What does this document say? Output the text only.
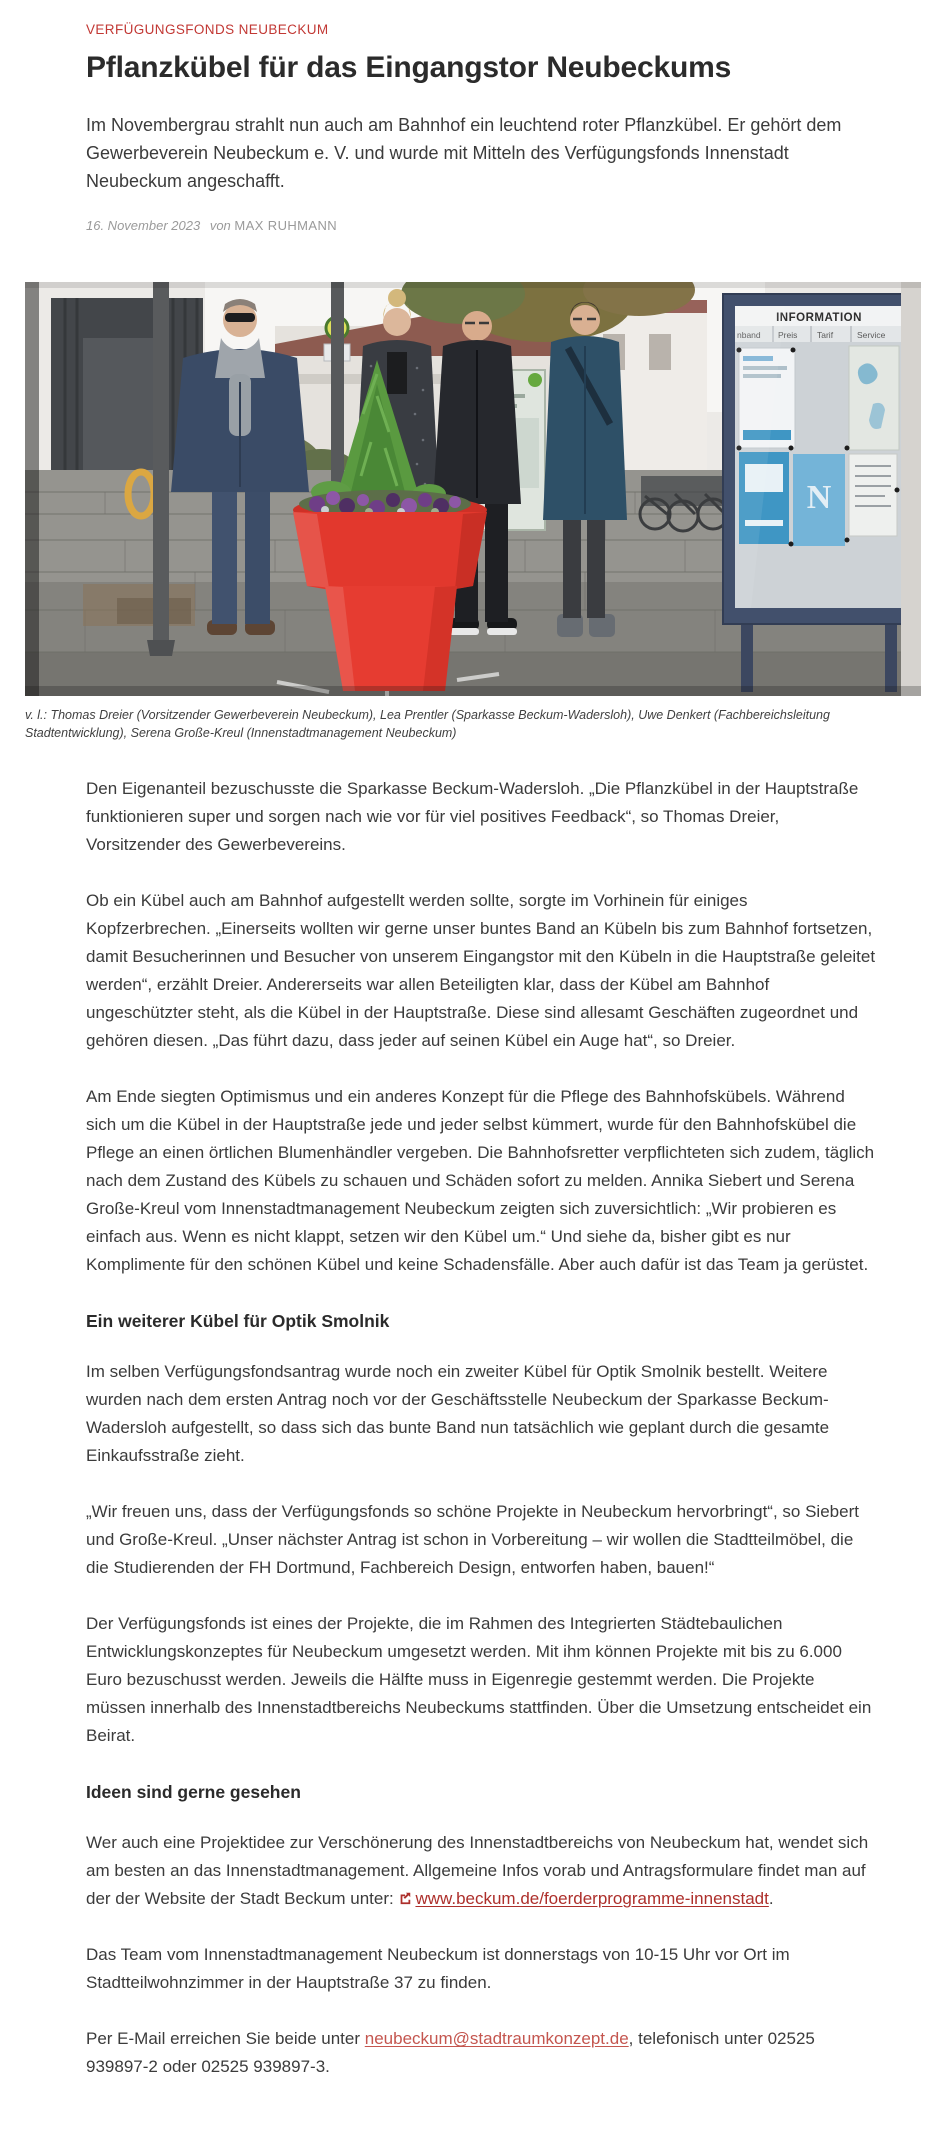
VERFÜGUNGSFONDS NEUBECKUM
Pflanzkübel für das Eingangstor Neubeckums

Im Novembergrau strahlt nun auch am Bahnhof ein leuchtend roter Pflanzkübel. Er gehört dem Gewerbeverein Neubeckum e. V. und wurde mit Mitteln des Verfügungsfonds Innenstadt Neubeckum angeschafft.

16. November 2023 von MAX RUHMANN
INFORMATION
nband Preis Tarif	Service
N
v. l.: Thomas Dreier (Vorsitzender Gewerbeverein Neubeckum), Lea Prentler (Sparkasse Beckum-Wadersloh), Uwe Denkert (Fachbereichsleitung Stadtentwicklung), Serena Große-Kreul (Innenstadtmanagement Neubeckum)

Den Eigenanteil bezuschusste die Sparkasse Beckum-Wadersloh. „Die Pflanzkübel in der Hauptstraße funktionieren super und sorgen nach wie vor für viel positives Feedback“, so Thomas Dreier, Vorsitzender des Gewerbevereins.

Ob ein Kübel auch am Bahnhof aufgestellt werden sollte, sorgte im Vorhinein für einiges Kopfzerbrechen. „Einerseits wollten wir gerne unser buntes Band an Kübeln bis zum Bahnhof fortsetzen, damit Besucherinnen und Besucher von unserem Eingangstor mit den Kübeln in die Hauptstraße geleitet werden“, erzählt Dreier. Andererseits war allen Beteiligten klar, dass der Kübel am Bahnhof ungeschützter steht, als die Kübel in der Hauptstraße. Diese sind allesamt Geschäften zugeordnet und gehören diesen. „Das führt dazu, dass jeder auf seinen Kübel ein Auge hat“, so Dreier.

Am Ende siegten Optimismus und ein anderes Konzept für die Pflege des Bahnhofskübels. Während sich um die Kübel in der Hauptstraße jede und jeder selbst kümmert, wurde für den Bahnhofskübel die Pflege an einen örtlichen Blumenhändler vergeben. Die Bahnhofsretter verpflichteten sich zudem, täglich nach dem Zustand des Kübels zu schauen und Schäden sofort zu melden. Annika Siebert und Serena Große-Kreul vom Innenstadtmanagement Neubeckum zeigten sich zuversichtlich: „Wir probieren es einfach aus. Wenn es nicht klappt, setzen wir den Kübel um.“ Und siehe da, bisher gibt es nur Komplimente für den schönen Kübel und keine Schadensfälle. Aber auch dafür ist das Team ja gerüstet.

Ein weiterer Kübel für Optik Smolnik

Im selben Verfügungsfondsantrag wurde noch ein zweiter Kübel für Optik Smolnik bestellt. Weitere wurden nach dem ersten Antrag noch vor der Geschäftsstelle Neubeckum der Sparkasse Beckum-Wadersloh aufgestellt, so dass sich das bunte Band nun tatsächlich wie geplant durch die gesamte Einkaufsstraße zieht.

„Wir freuen uns, dass der Verfügungsfonds so schöne Projekte in Neubeckum hervorbringt“, so Siebert und Große-Kreul. „Unser nächster Antrag ist schon in Vorbereitung – wir wollen die Stadtteilmöbel, die die Studierenden der FH Dortmund, Fachbereich Design, entworfen haben, bauen!“

Der Verfügungsfonds ist eines der Projekte, die im Rahmen des Integrierten Städtebaulichen Entwicklungskonzeptes für Neubeckum umgesetzt werden. Mit ihm können Projekte mit bis zu 6.000 Euro bezuschusst werden. Jeweils die Hälfte muss in Eigenregie gestemmt werden. Die Projekte müssen innerhalb des Innenstadtbereichs Neubeckums stattfinden. Über die Umsetzung entscheidet ein Beirat.

Ideen sind gerne gesehen

Wer auch eine Projektidee zur Verschönerung des Innenstadtbereichs von Neubeckum hat, wendet sich am besten an das Innenstadtmanagement. Allgemeine Infos vorab und Antragsformulare findet man auf der der Website der Stadt Beckum unter: www.beckum.de/foerderprogramme-innenstadt.

Das Team vom Innenstadtmanagement Neubeckum ist donnerstags von 10-15 Uhr vor Ort im Stadtteilwohnzimmer in der Hauptstraße 37 zu finden.

Per E-Mail erreichen Sie beide unter neubeckum@stadtraumkonzept.de, telefonisch unter 02525 939897-2 oder 02525 939897-3.
